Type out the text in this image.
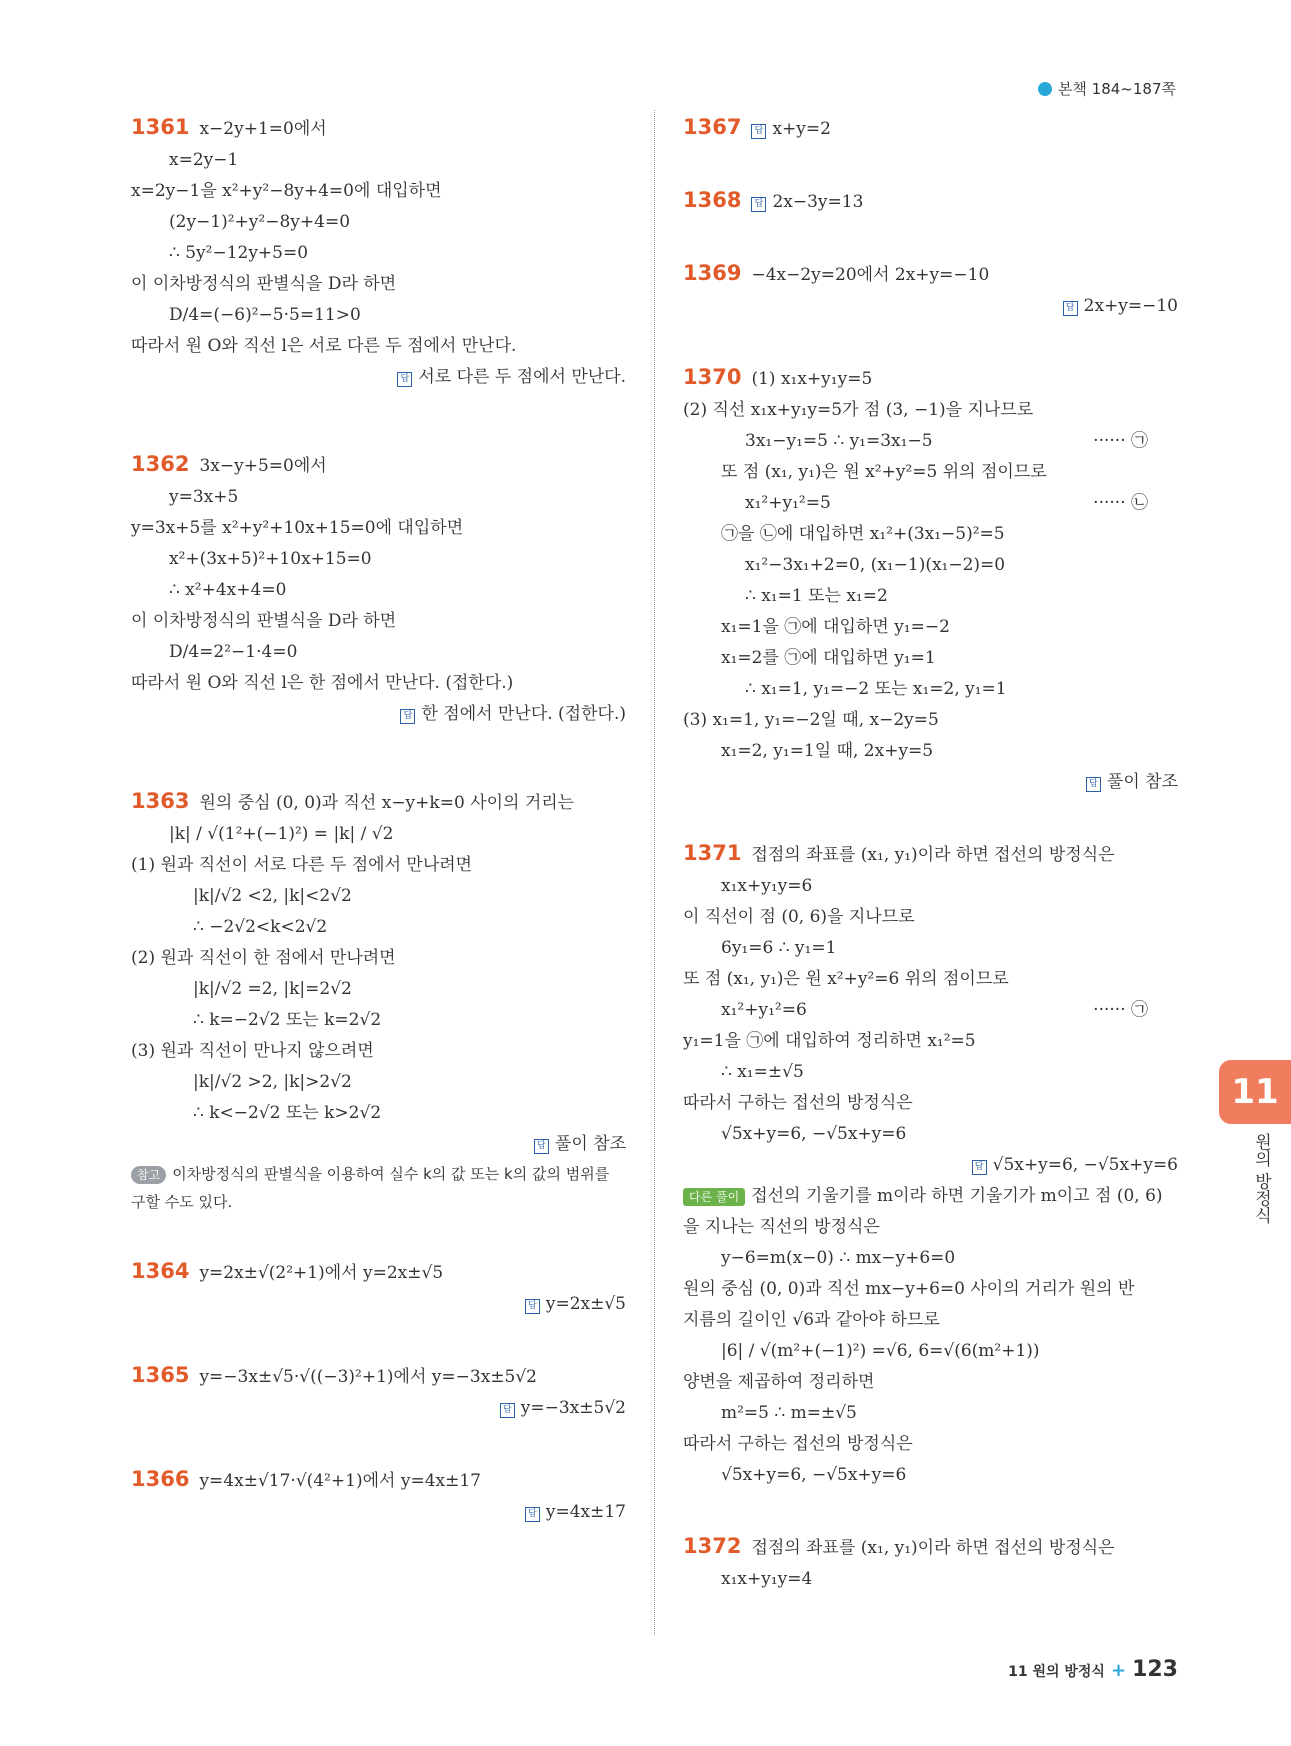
본책 184~187쪽
1361 x−2y+1=0에서
x=2y−1
x=2y−1을 x²+y²−8y+4=0에 대입하면
(2y−1)²+y²−8y+4=0
∴ 5y²−12y+5=0
이 이차방정식의 판별식을 D라 하면
D/4=(−6)²−5·5=11>0
따라서 원 O와 직선 l은 서로 다른 두 점에서 만난다.
답 서로 다른 두 점에서 만난다.
1362 3x−y+5=0에서
y=3x+5
y=3x+5를 x²+y²+10x+15=0에 대입하면
x²+(3x+5)²+10x+15=0
∴ x²+4x+4=0
이 이차방정식의 판별식을 D라 하면
D/4=2²−1·4=0
따라서 원 O와 직선 l은 한 점에서 만난다. (접한다.)
답 한 점에서 만난다. (접한다.)
1363 원의 중심 (0, 0)과 직선 x−y+k=0 사이의 거리는
|k| / √(1²+(−1)²) = |k| / √2
(1) 원과 직선이 서로 다른 두 점에서 만나려면
|k|/√2 <2, |k|<2√2
∴ −2√2<k<2√2
(2) 원과 직선이 한 점에서 만나려면
|k|/√2 =2, |k|=2√2
∴ k=−2√2 또는 k=2√2
(3) 원과 직선이 만나지 않으려면
|k|/√2 >2, |k|>2√2
∴ k<−2√2 또는 k>2√2
답 풀이 참조
참고 이차방정식의 판별식을 이용하여 실수 k의 값 또는 k의 값의 범위를 구할 수도 있다.
1364 y=2x±√(2²+1)에서 y=2x±√5
답 y=2x±√5
1365 y=−3x±√5·√((−3)²+1)에서 y=−3x±5√2
답 y=−3x±5√2
1366 y=4x±√17·√(4²+1)에서 y=4x±17
답 y=4x±17
1367 답 x+y=2
1368 답 2x−3y=13
1369 −4x−2y=20에서 2x+y=−10
답 2x+y=−10
1370 (1) x₁x+y₁y=5
(2) 직선 x₁x+y₁y=5가 점 (3, −1)을 지나므로
3x₁−y₁=5 ∴ y₁=3x₁−5	······ ㉠
또 점 (x₁, y₁)은 원 x²+y²=5 위의 점이므로
x₁²+y₁²=5	······ ㉡
㉠을 ㉡에 대입하면 x₁²+(3x₁−5)²=5
x₁²−3x₁+2=0, (x₁−1)(x₁−2)=0
∴ x₁=1 또는 x₁=2
x₁=1을 ㉠에 대입하면 y₁=−2
x₁=2를 ㉠에 대입하면 y₁=1
∴ x₁=1, y₁=−2 또는 x₁=2, y₁=1
(3) x₁=1, y₁=−2일 때, x−2y=5
x₁=2, y₁=1일 때, 2x+y=5
답 풀이 참조
1371 접점의 좌표를 (x₁, y₁)이라 하면 접선의 방정식은
x₁x+y₁y=6
이 직선이 점 (0, 6)을 지나므로
6y₁=6 ∴ y₁=1
또 점 (x₁, y₁)은 원 x²+y²=6 위의 점이므로
x₁²+y₁²=6	······ ㉠
y₁=1을 ㉠에 대입하여 정리하면 x₁²=5
∴ x₁=±√5
따라서 구하는 접선의 방정식은
√5x+y=6, −√5x+y=6
답 √5x+y=6, −√5x+y=6
다른 풀이 접선의 기울기를 m이라 하면 기울기가 m이고 점 (0, 6)
을 지나는 직선의 방정식은
y−6=m(x−0) ∴ mx−y+6=0
원의 중심 (0, 0)과 직선 mx−y+6=0 사이의 거리가 원의 반
지름의 길이인 √6과 같아야 하므로
|6| / √(m²+(−1)²) =√6, 6=√(6(m²+1))
양변을 제곱하여 정리하면
m²=5 ∴ m=±√5
따라서 구하는 접선의 방정식은
√5x+y=6, −√5x+y=6
1372 접점의 좌표를 (x₁, y₁)이라 하면 접선의 방정식은
x₁x+y₁y=4
11
원의 방정식
11 원의 방정식 + 123
